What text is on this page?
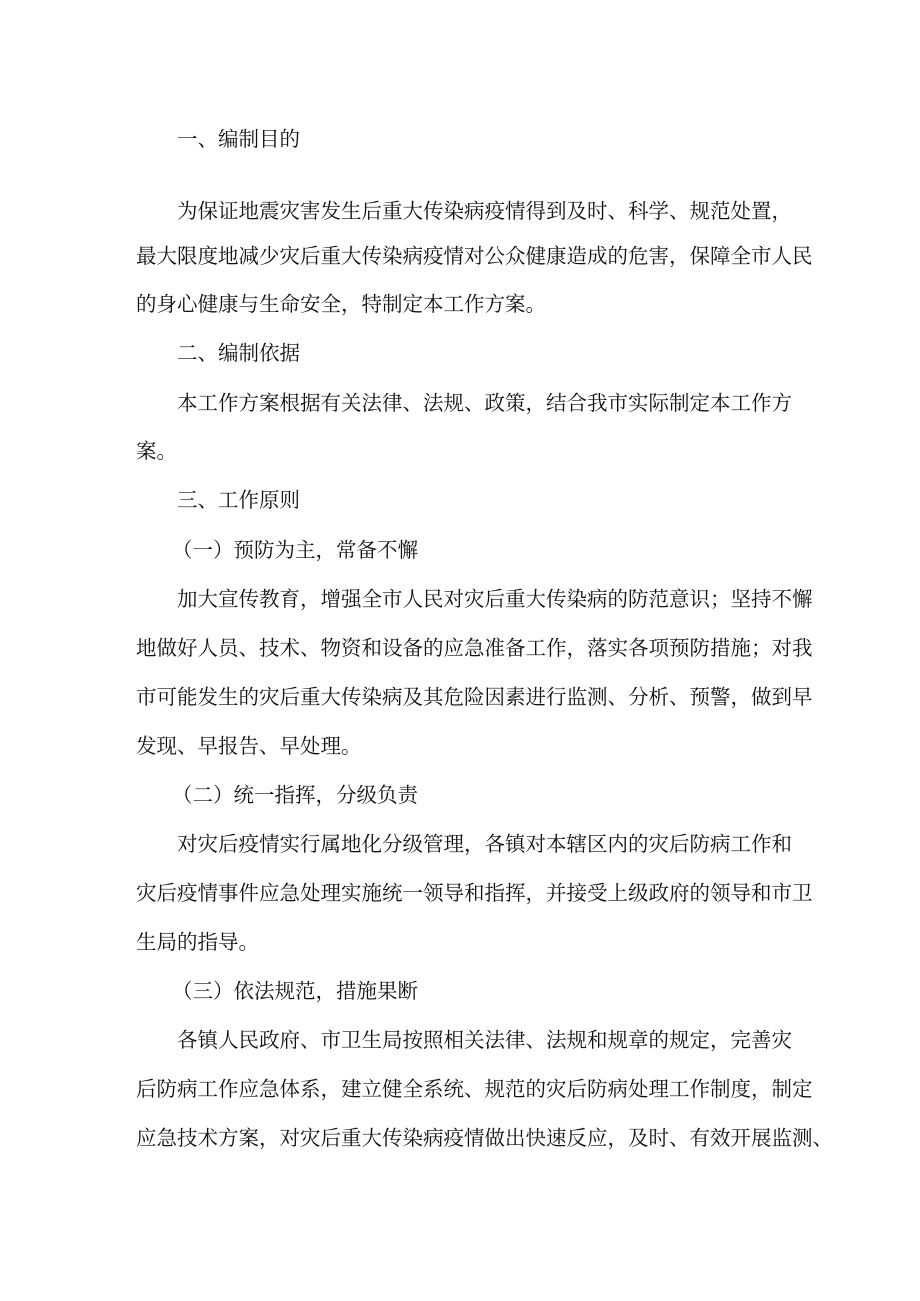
一、编制目的
为保证地震灾害发生后重大传染病疫情得到及时、科学、规范处置，
最大限度地减少灾后重大传染病疫情对公众健康造成的危害，保障全市人民
的身心健康与生命安全，特制定本工作方案。
二、编制依据
本工作方案根据有关法律、法规、政策，结合我市实际制定本工作方
案。
三、工作原则
（一）预防为主，常备不懈
加大宣传教育，增强全市人民对灾后重大传染病的防范意识；坚持不懈
地做好人员、技术、物资和设备的应急准备工作，落实各项预防措施；对我
市可能发生的灾后重大传染病及其危险因素进行监测、分析、预警，做到早
发现、早报告、早处理。
（二）统一指挥，分级负责
对灾后疫情实行属地化分级管理，各镇对本辖区内的灾后防病工作和
灾后疫情事件应急处理实施统一领导和指挥，并接受上级政府的领导和市卫
生局的指导。
（三）依法规范，措施果断
各镇人民政府、市卫生局按照相关法律、法规和规章的规定，完善灾
后防病工作应急体系，建立健全系统、规范的灾后防病处理工作制度，制定
应急技术方案，对灾后重大传染病疫情做出快速反应，及时、有效开展监测、
